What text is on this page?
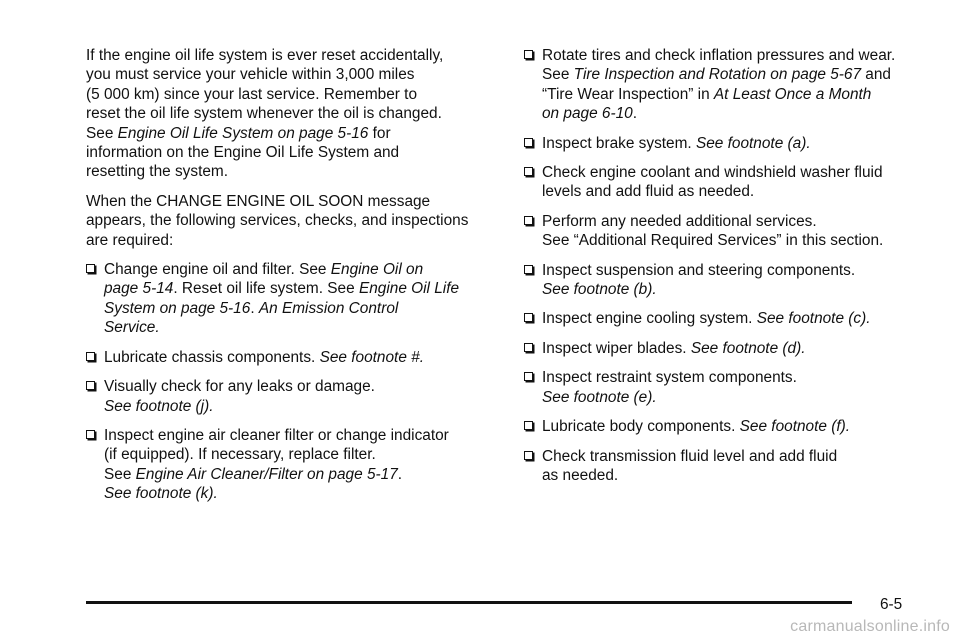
If the engine oil life system is ever reset accidentally,
you must service your vehicle within 3,000 miles
(5 000 km) since your last service. Remember to
reset the oil life system whenever the oil is changed.
See Engine Oil Life System on page 5-16 for
information on the Engine Oil Life System and
resetting the system.

When the CHANGE ENGINE OIL SOON message
appears, the following services, checks, and inspections
are required:

Change engine oil and filter. See Engine Oil on
page 5-14. Reset oil life system. See Engine Oil Life
System on page 5-16. An Emission Control
Service.
Lubricate chassis components. See footnote #.
Visually check for any leaks or damage.
See footnote (j).
Inspect engine air cleaner filter or change indicator
(if equipped). If necessary, replace filter.
See Engine Air Cleaner/Filter on page 5-17.
See footnote (k).
Rotate tires and check inflation pressures and wear.
See Tire Inspection and Rotation on page 5-67 and
“Tire Wear Inspection” in At Least Once a Month
on page 6-10.
Inspect brake system. See footnote (a).
Check engine coolant and windshield washer fluid
levels and add fluid as needed.
Perform any needed additional services.
See “Additional Required Services” in this section.
Inspect suspension and steering components.
See footnote (b).
Inspect engine cooling system. See footnote (c).
Inspect wiper blades. See footnote (d).
Inspect restraint system components.
See footnote (e).
Lubricate body components. See footnote (f).
Check transmission fluid level and add fluid
as needed.
6-5
carmanualsonline.info
